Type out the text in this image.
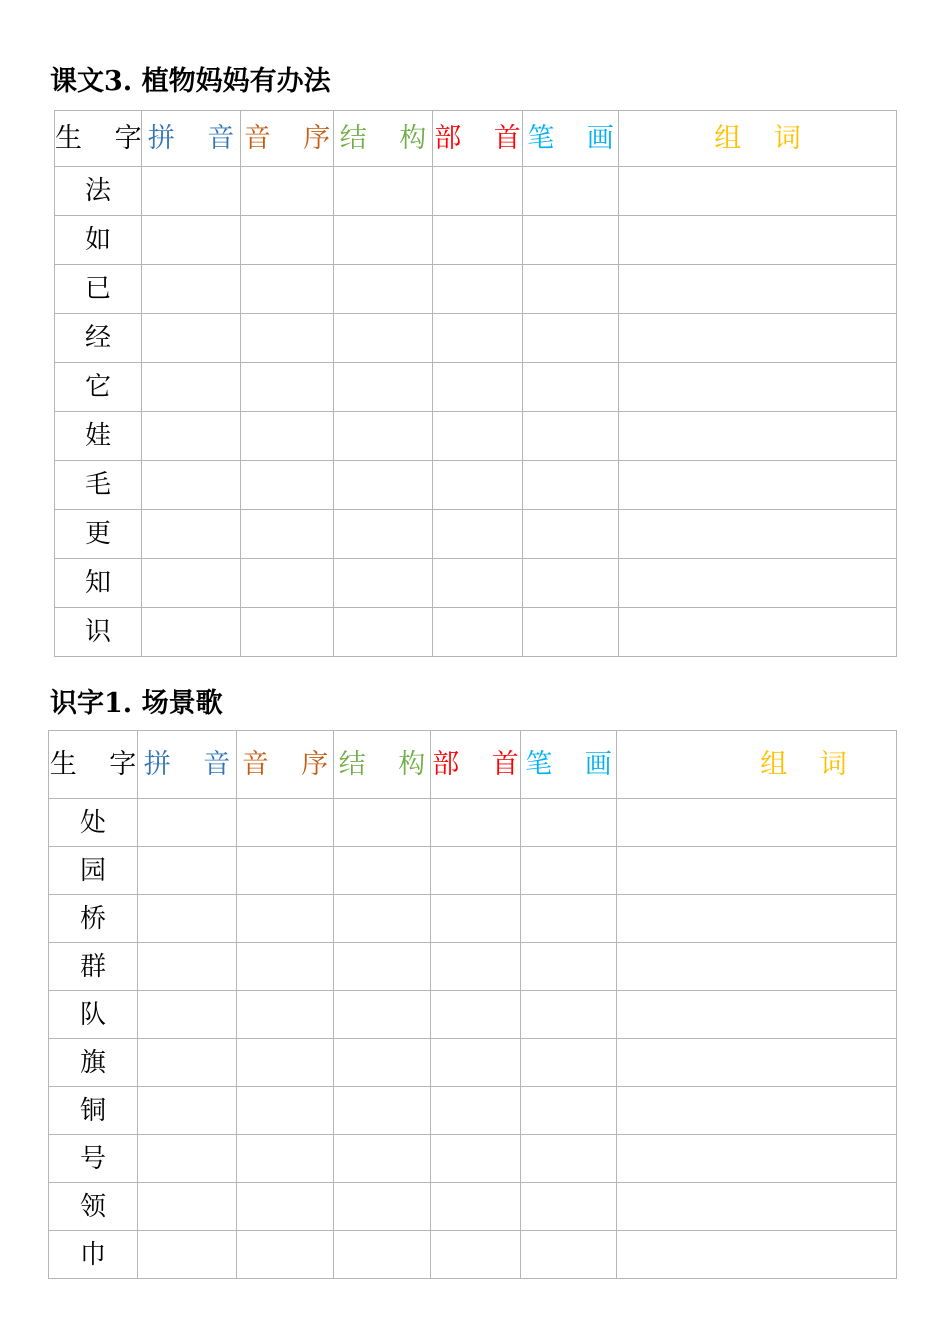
课文3. 植物妈妈有办法
生 字	拼 音	音 序	结 构	部 首	笔 画	组 词
法						
如						
已						
经						
它						
娃						
毛						
更						
知						
识						
识字1. 场景歌
生 字	拼 音	音 序	结 构	部 首	笔 画	组 词
处						
园						
桥						
群						
队						
旗						
铜						
号						
领						
巾						
